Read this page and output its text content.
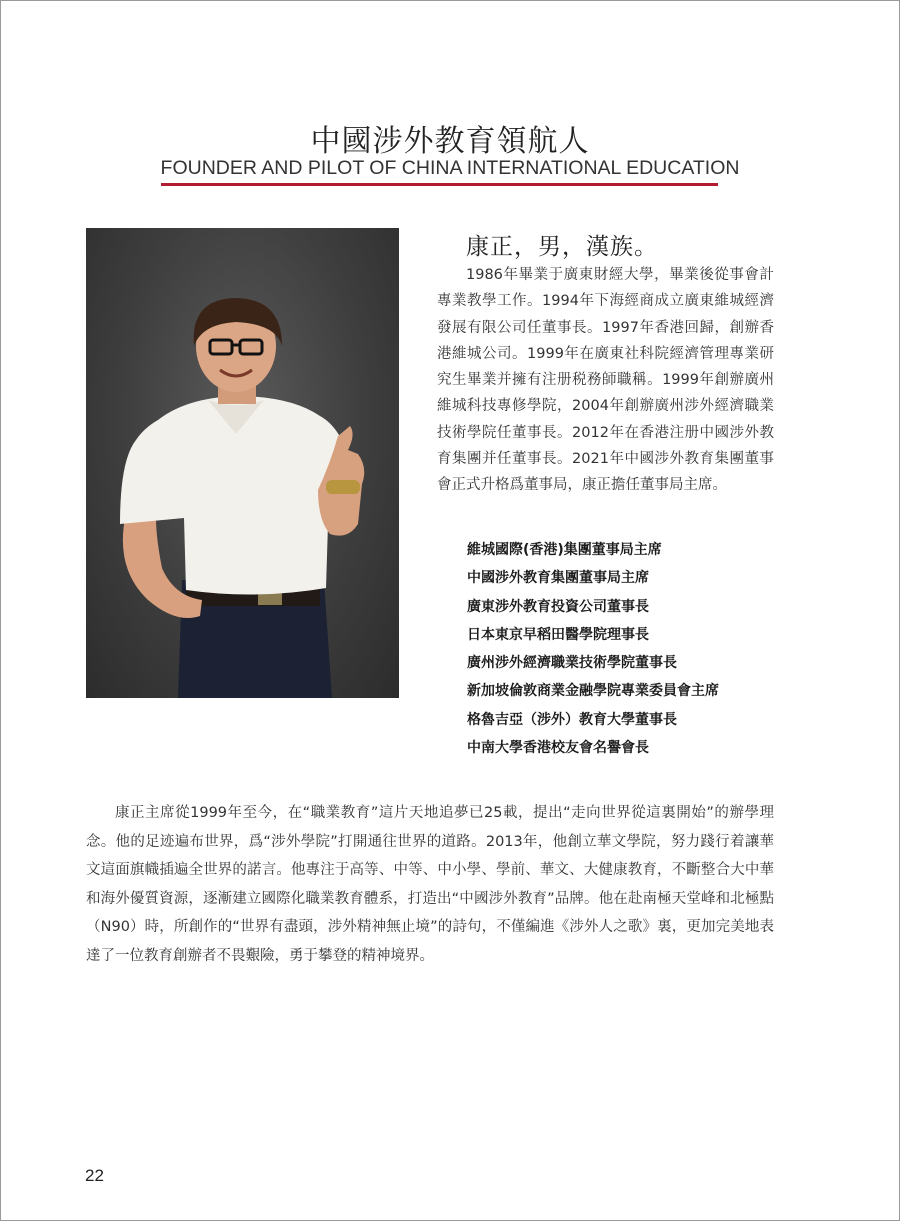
中國涉外教育領航人
FOUNDER AND PILOT OF CHINA INTERNATIONAL EDUCATION
康正，男，漢族。

1986年畢業于廣東財經大學，畢業後從事會計專業教學工作。1994年下海經商成立廣東維城經濟發展有限公司任董事長。1997年香港回歸，創辦香港維城公司。1999年在廣東社科院經濟管理專業研究生畢業并擁有注册税務師職稱。1999年創辦廣州維城科技專修學院，2004年創辦廣州涉外經濟職業技術學院任董事長。2012年在香港注册中國涉外教育集團并任董事長。2021年中國涉外教育集團董事會正式升格爲董事局，康正擔任董事局主席。

維城國際(香港)集團董事局主席
中國涉外教育集團董事局主席
廣東涉外教育投資公司董事長
日本東京早稻田醫學院理事長
廣州涉外經濟職業技術學院董事長
新加坡倫敦商業金融學院專業委員會主席
格魯吉亞（涉外）教育大學董事長
中南大學香港校友會名譽會長

康正主席從1999年至今，在“職業教育”這片天地追夢已25載，提出“走向世界從這裏開始”的辦學理念。他的足迹遍布世界，爲“涉外學院”打開通往世界的道路。2013年，他創立華文學院，努力踐行着讓華文這面旗幟插遍全世界的諾言。他專注于高等、中等、中小學、學前、華文、大健康教育，不斷整合大中華和海外優質資源，逐漸建立國際化職業教育體系，打造出“中國涉外教育”品牌。他在赴南極天堂峰和北極點（N90）時，所創作的“世界有盡頭，涉外精神無止境”的詩句，不僅編進《涉外人之歌》裏，更加完美地表達了一位教育創辦者不畏艱險，勇于攀登的精神境界。

22
